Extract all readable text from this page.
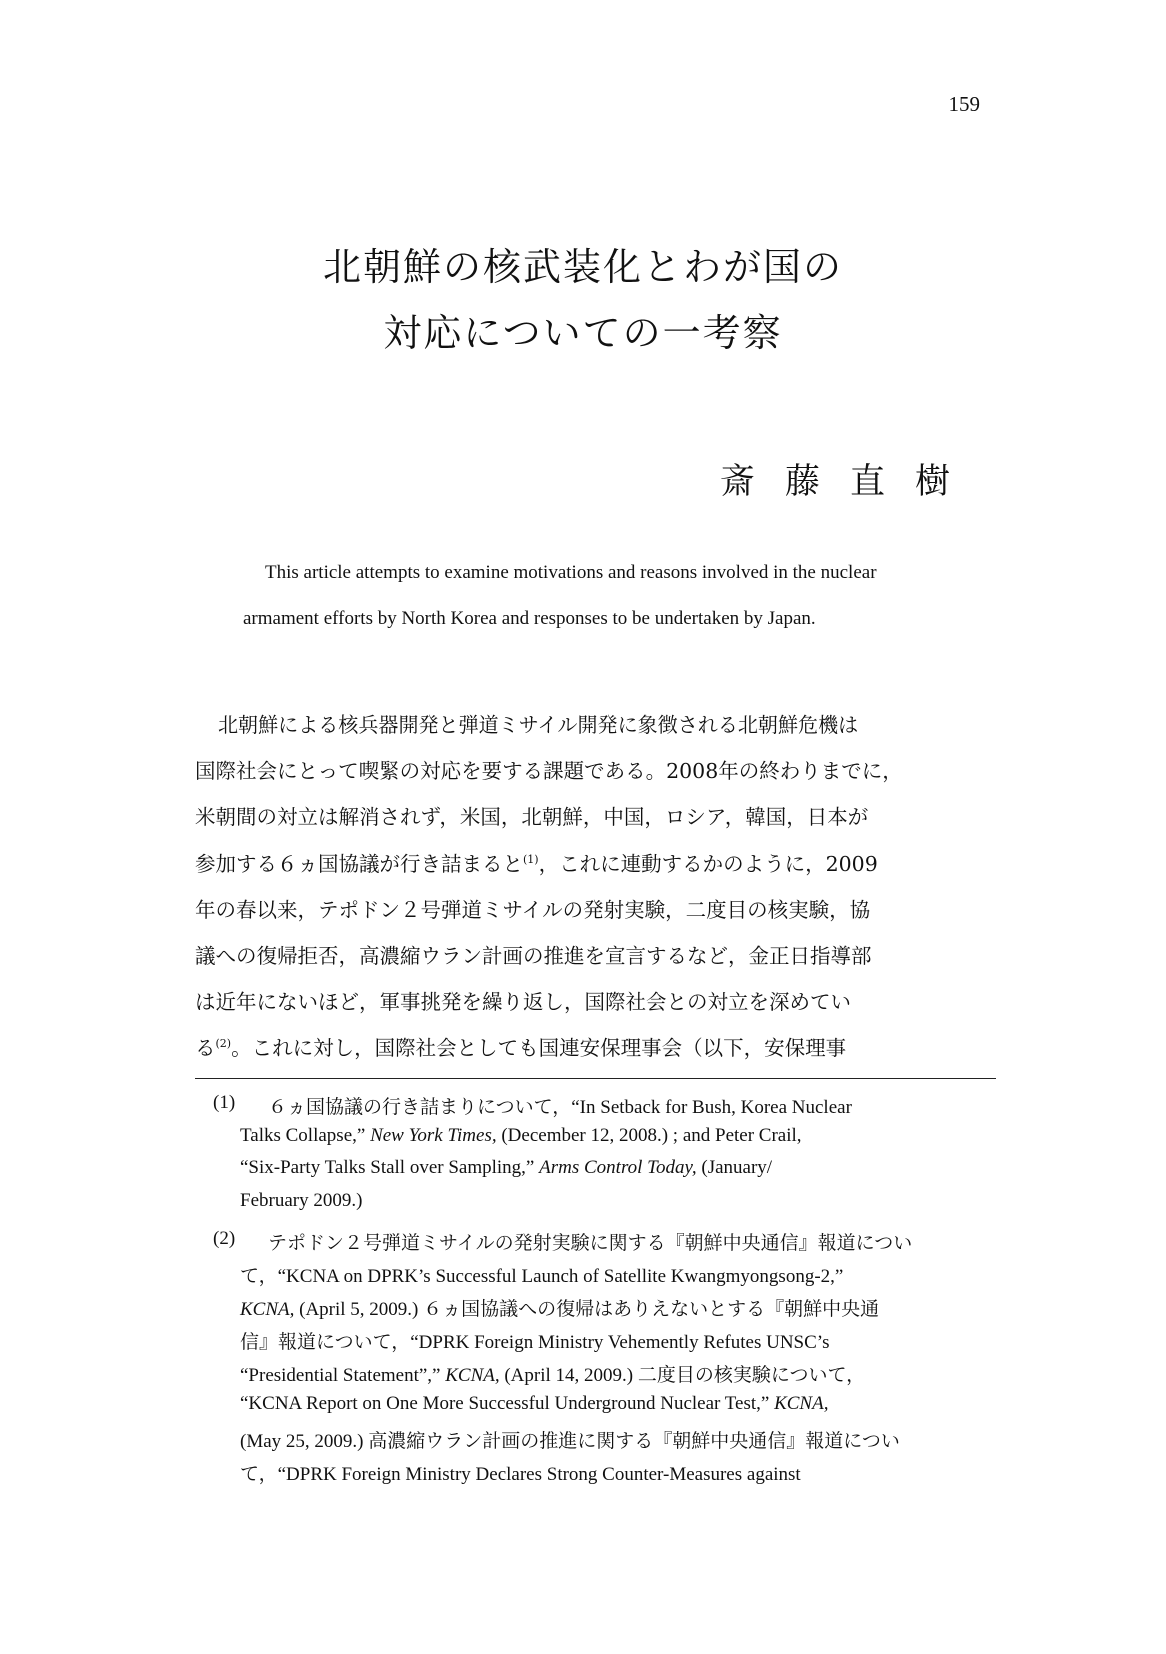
159
北朝鮮の核武装化とわが国の
対応についての一考察
斎藤直樹
This article attempts to examine motivations and reasons involved in the nuclear
armament efforts by North Korea and responses to be undertaken by Japan.
北朝鮮による核兵器開発と弾道ミサイル開発に象徴される北朝鮮危機は
国際社会にとって喫緊の対応を要する課題である。2008年の終わりまでに，
米朝間の対立は解消されず，米国，北朝鮮，中国，ロシア，韓国，日本が
参加する６ヵ国協議が行き詰まると$^{(1)}$，これに連動するかのように，2009
年の春以来，テポドン２号弾道ミサイルの発射実験，二度目の核実験，協
議への復帰拒否，高濃縮ウラン計画の推進を宣言するなど，金正日指導部
は近年にないほど，軍事挑発を繰り返し，国際社会との対立を深めてい
る$^{(2)}$。これに対し，国際社会としても国連安保理事会（以下，安保理事
(1) ６ヵ国協議の行き詰まりについて，“In Setback for Bush, Korea Nuclear
Talks Collapse,” New York Times, (December 12, 2008.) ; and Peter Crail,
“Six-Party Talks Stall over Sampling,” Arms Control Today, (January/
February 2009.)
(2) テポドン２号弾道ミサイルの発射実験に関する『朝鮮中央通信』報道につい
て，“KCNA on DPRK’s Successful Launch of Satellite Kwangmyongsong-2,”
KCNA, (April 5, 2009.) ６ヵ国協議への復帰はありえないとする『朝鮮中央通
信』報道について，“DPRK Foreign Ministry Vehemently Refutes UNSC’s
“Presidential Statement”,” KCNA, (April 14, 2009.) 二度目の核実験について，
“KCNA Report on One More Successful Underground Nuclear Test,” KCNA,
(May 25, 2009.) 高濃縮ウラン計画の推進に関する『朝鮮中央通信』報道につい
て，“DPRK Foreign Ministry Declares Strong Counter-Measures against
